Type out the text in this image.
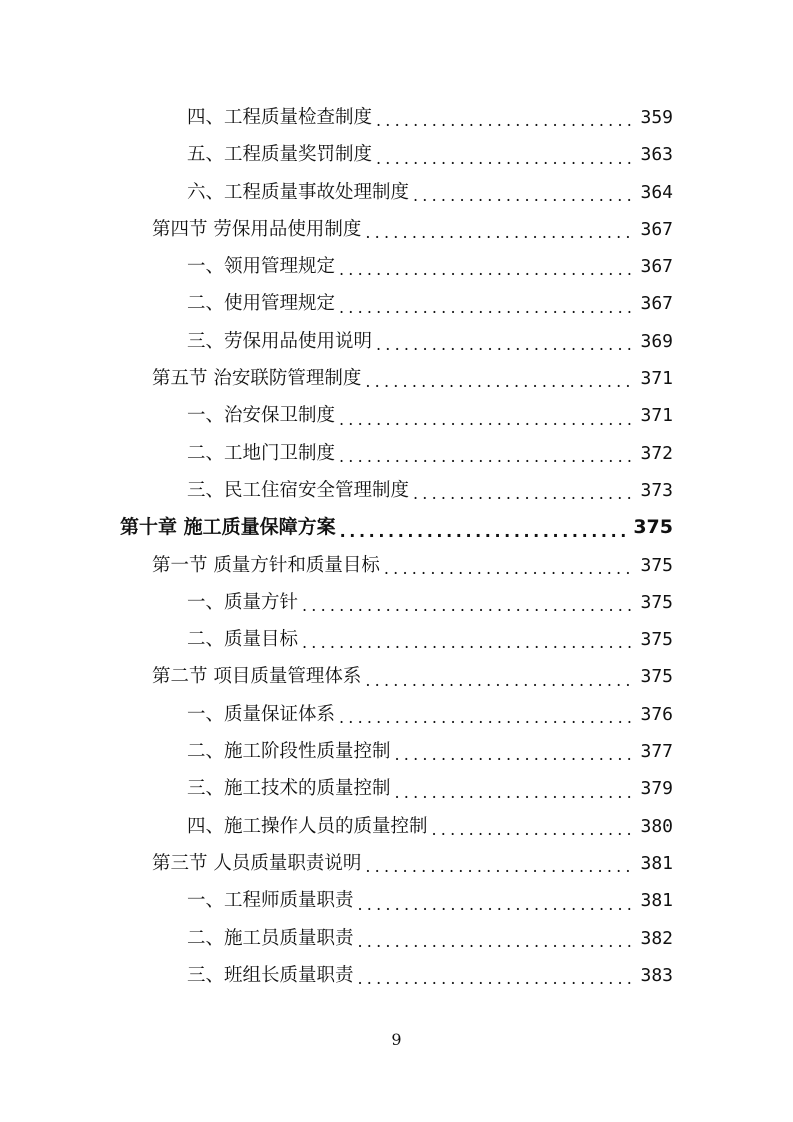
四、工程质量检查制度 .....	359
五、工程质量奖罚制度 .....	363
六、工程质量事故处理制度 .....	364
第四节 劳保用品使用制度 .....	367
一、领用管理规定 .....	367
二、使用管理规定 .....	367
三、劳保用品使用说明 .....	369
第五节 治安联防管理制度 .....	371
一、治安保卫制度 .....	371
二、工地门卫制度 .....	372
三、民工住宿安全管理制度 .....	373
第十章 施工质量保障方案 .....	375
第一节 质量方针和质量目标 .....	375
一、质量方针 .....	375
二、质量目标 .....	375
第二节 项目质量管理体系 .....	375
一、质量保证体系 .....	376
二、施工阶段性质量控制 .....	377
三、施工技术的质量控制 .....	379
四、施工操作人员的质量控制 .....	380
第三节 人员质量职责说明 .....	381
一、工程师质量职责 .....	381
二、施工员质量职责 .....	382
三、班组长质量职责 .....	383
9
